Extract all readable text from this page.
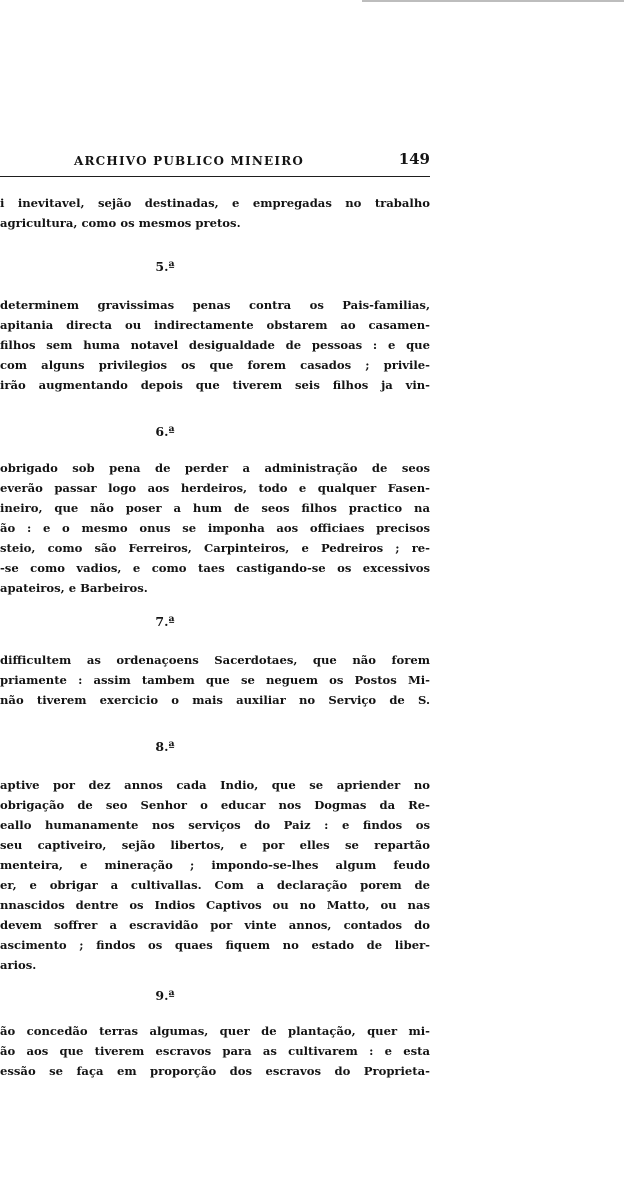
ARCHIVO PUBLICO MINEIRO	149
i inevitavel, sejão destinadas, e empregadas no trabalho
agricultura, como os mesmos pretos.
5.ª
determinem gravissimas penas contra os Pais-familias,
apitania directa ou indirectamente obstarem ao casamen-
filhos sem huma notavel desigualdade de pessoas : e que
com alguns privilegios os que forem casados ; privile-
irão augmentando depois que tiverem seis filhos ja vin-
6.ª
obrigado sob pena de perder a administração de seos
everão passar logo aos herdeiros, todo e qualquer Fasen-
ineiro, que não poser a hum de seos filhos practico na
ão : e o mesmo onus se imponha aos officiaes precisos
steio, como são Ferreiros, Carpinteiros, e Pedreiros ; re-
-se como vadios, e como taes castigando-se os excessivos
apateiros, e Barbeiros.
7.ª
difficultem as ordenaçoens Sacerdotaes, que não forem
priamente : assim tambem que se neguem os Postos Mi-
não tiverem exercicio o mais auxiliar no Serviço de S.
8.ª
aptive por dez annos cada Indio, que se apriender no
obrigação de seo Senhor o educar nos Dogmas da Re-
eallo humanamente nos serviços do Paiz : e findos os
seu captiveiro, sejão libertos, e por elles se repartão
menteira, e mineração ; impondo-se-lhes algum feudo
er, e obrigar a cultivallas. Com a declaração porem de
nnascidos dentre os Indios Captivos ou no Matto, ou nas
devem soffrer a escravidão por vinte annos, contados do
ascimento ; findos os quaes fiquem no estado de liber-
arios.
9.ª
ão concedão terras algumas, quer de plantação, quer mi-
ão aos que tiverem escravos para as cultivarem : e esta
essão se faça em proporção dos escravos do Proprieta-
